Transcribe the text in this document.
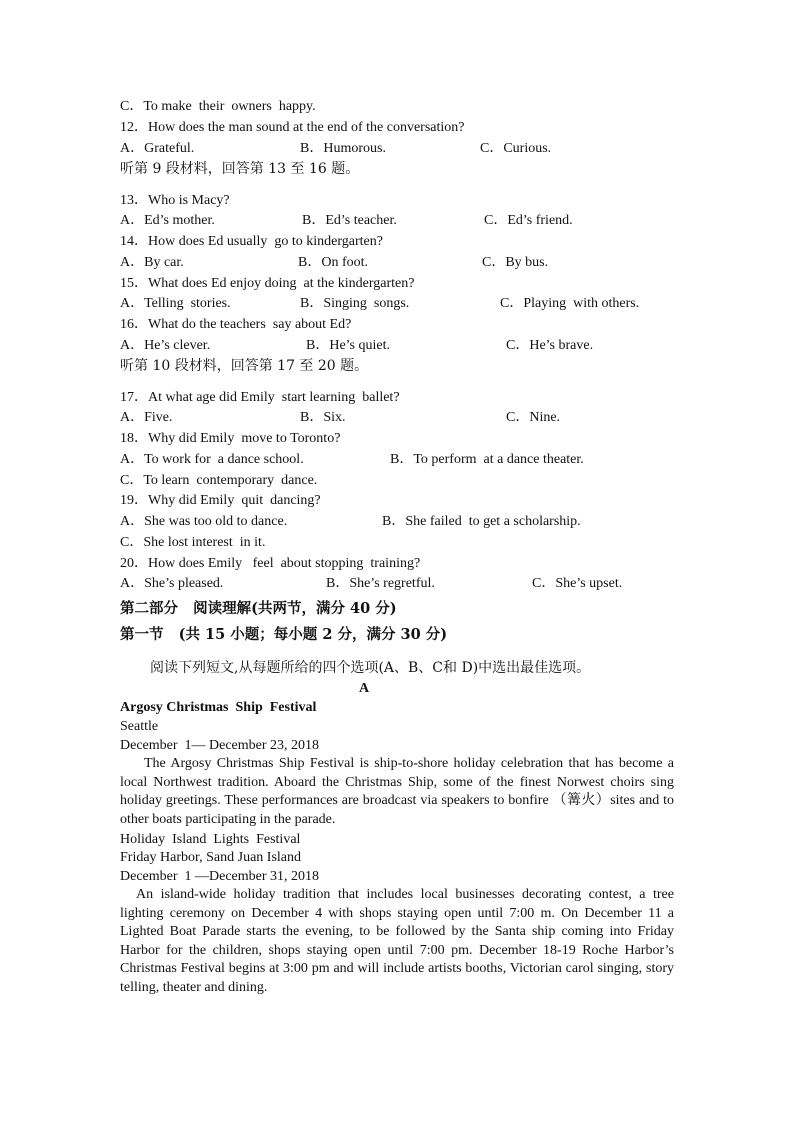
C．To make  their  owners  happy.
12．How does the man sound at the end of the conversation?
A．Grateful.	B．Humorous.	C．Curious.
听第 9 段材料，回答第 13 至 16 题。
13．Who is Macy?
A．Ed’s mother.	B．Ed’s teacher.	C．Ed’s friend.
14．How does Ed usually  go to kindergarten?
A．By car.	B．On foot.	C．By bus.
15．What does Ed enjoy doing  at the kindergarten?
A．Telling  stories.	B．Singing  songs.	C．Playing  with others.
16．What do the teachers  say about Ed?
A．He’s clever.	B．He’s quiet.	C．He’s brave.
听第 10 段材料，回答第 17 至 20 题。
17．At what age did Emily  start learning  ballet?
A．Five.	B．Six.	C．Nine.
18．Why did Emily  move to Toronto?
A．To work for  a dance school.	B．To perform  at a dance theater.
C．To learn  contemporary  dance.
19．Why did Emily  quit  dancing?
A．She was too old to dance.	B．She failed  to get a scholarship.
C．She lost interest  in it.
20．How does Emily   feel  about stopping  training?
A．She’s pleased.	B．She’s regretful.	C．She’s upset.
第二部分   阅读理解(共两节，满分 40 分)
第一节   (共 15 小题；每小题 2 分，满分 30 分)
阅读下列短文,从每题所给的四个选项(A、B、C和 D)中选出最佳选项。
A
Argosy Christmas  Ship  Festival
Seattle
December  1— December 23, 2018
The Argosy Christmas Ship Festival is ship-to-shore holiday celebration that has become a local Northwest tradition. Aboard the Christmas Ship, some of the finest Norwest choirs sing holiday greetings. These performances are broadcast via speakers to bonfire （篝火）sites and to other boats participating in the parade.
Holiday  Island  Lights  Festival
Friday Harbor, Sand Juan Island
December  1 —December 31, 2018
An island-wide holiday tradition that includes local businesses decorating contest, a tree lighting ceremony on December 4 with shops staying open until 7:00 m. On December 11 a Lighted Boat Parade starts the evening, to be followed by the Santa ship coming into Friday Harbor for the children, shops staying open until 7:00 pm. December 18-19 Roche Harbor’s Christmas Festival begins at 3:00 pm and will include artists booths, Victorian carol singing, story telling, theater and dining.
